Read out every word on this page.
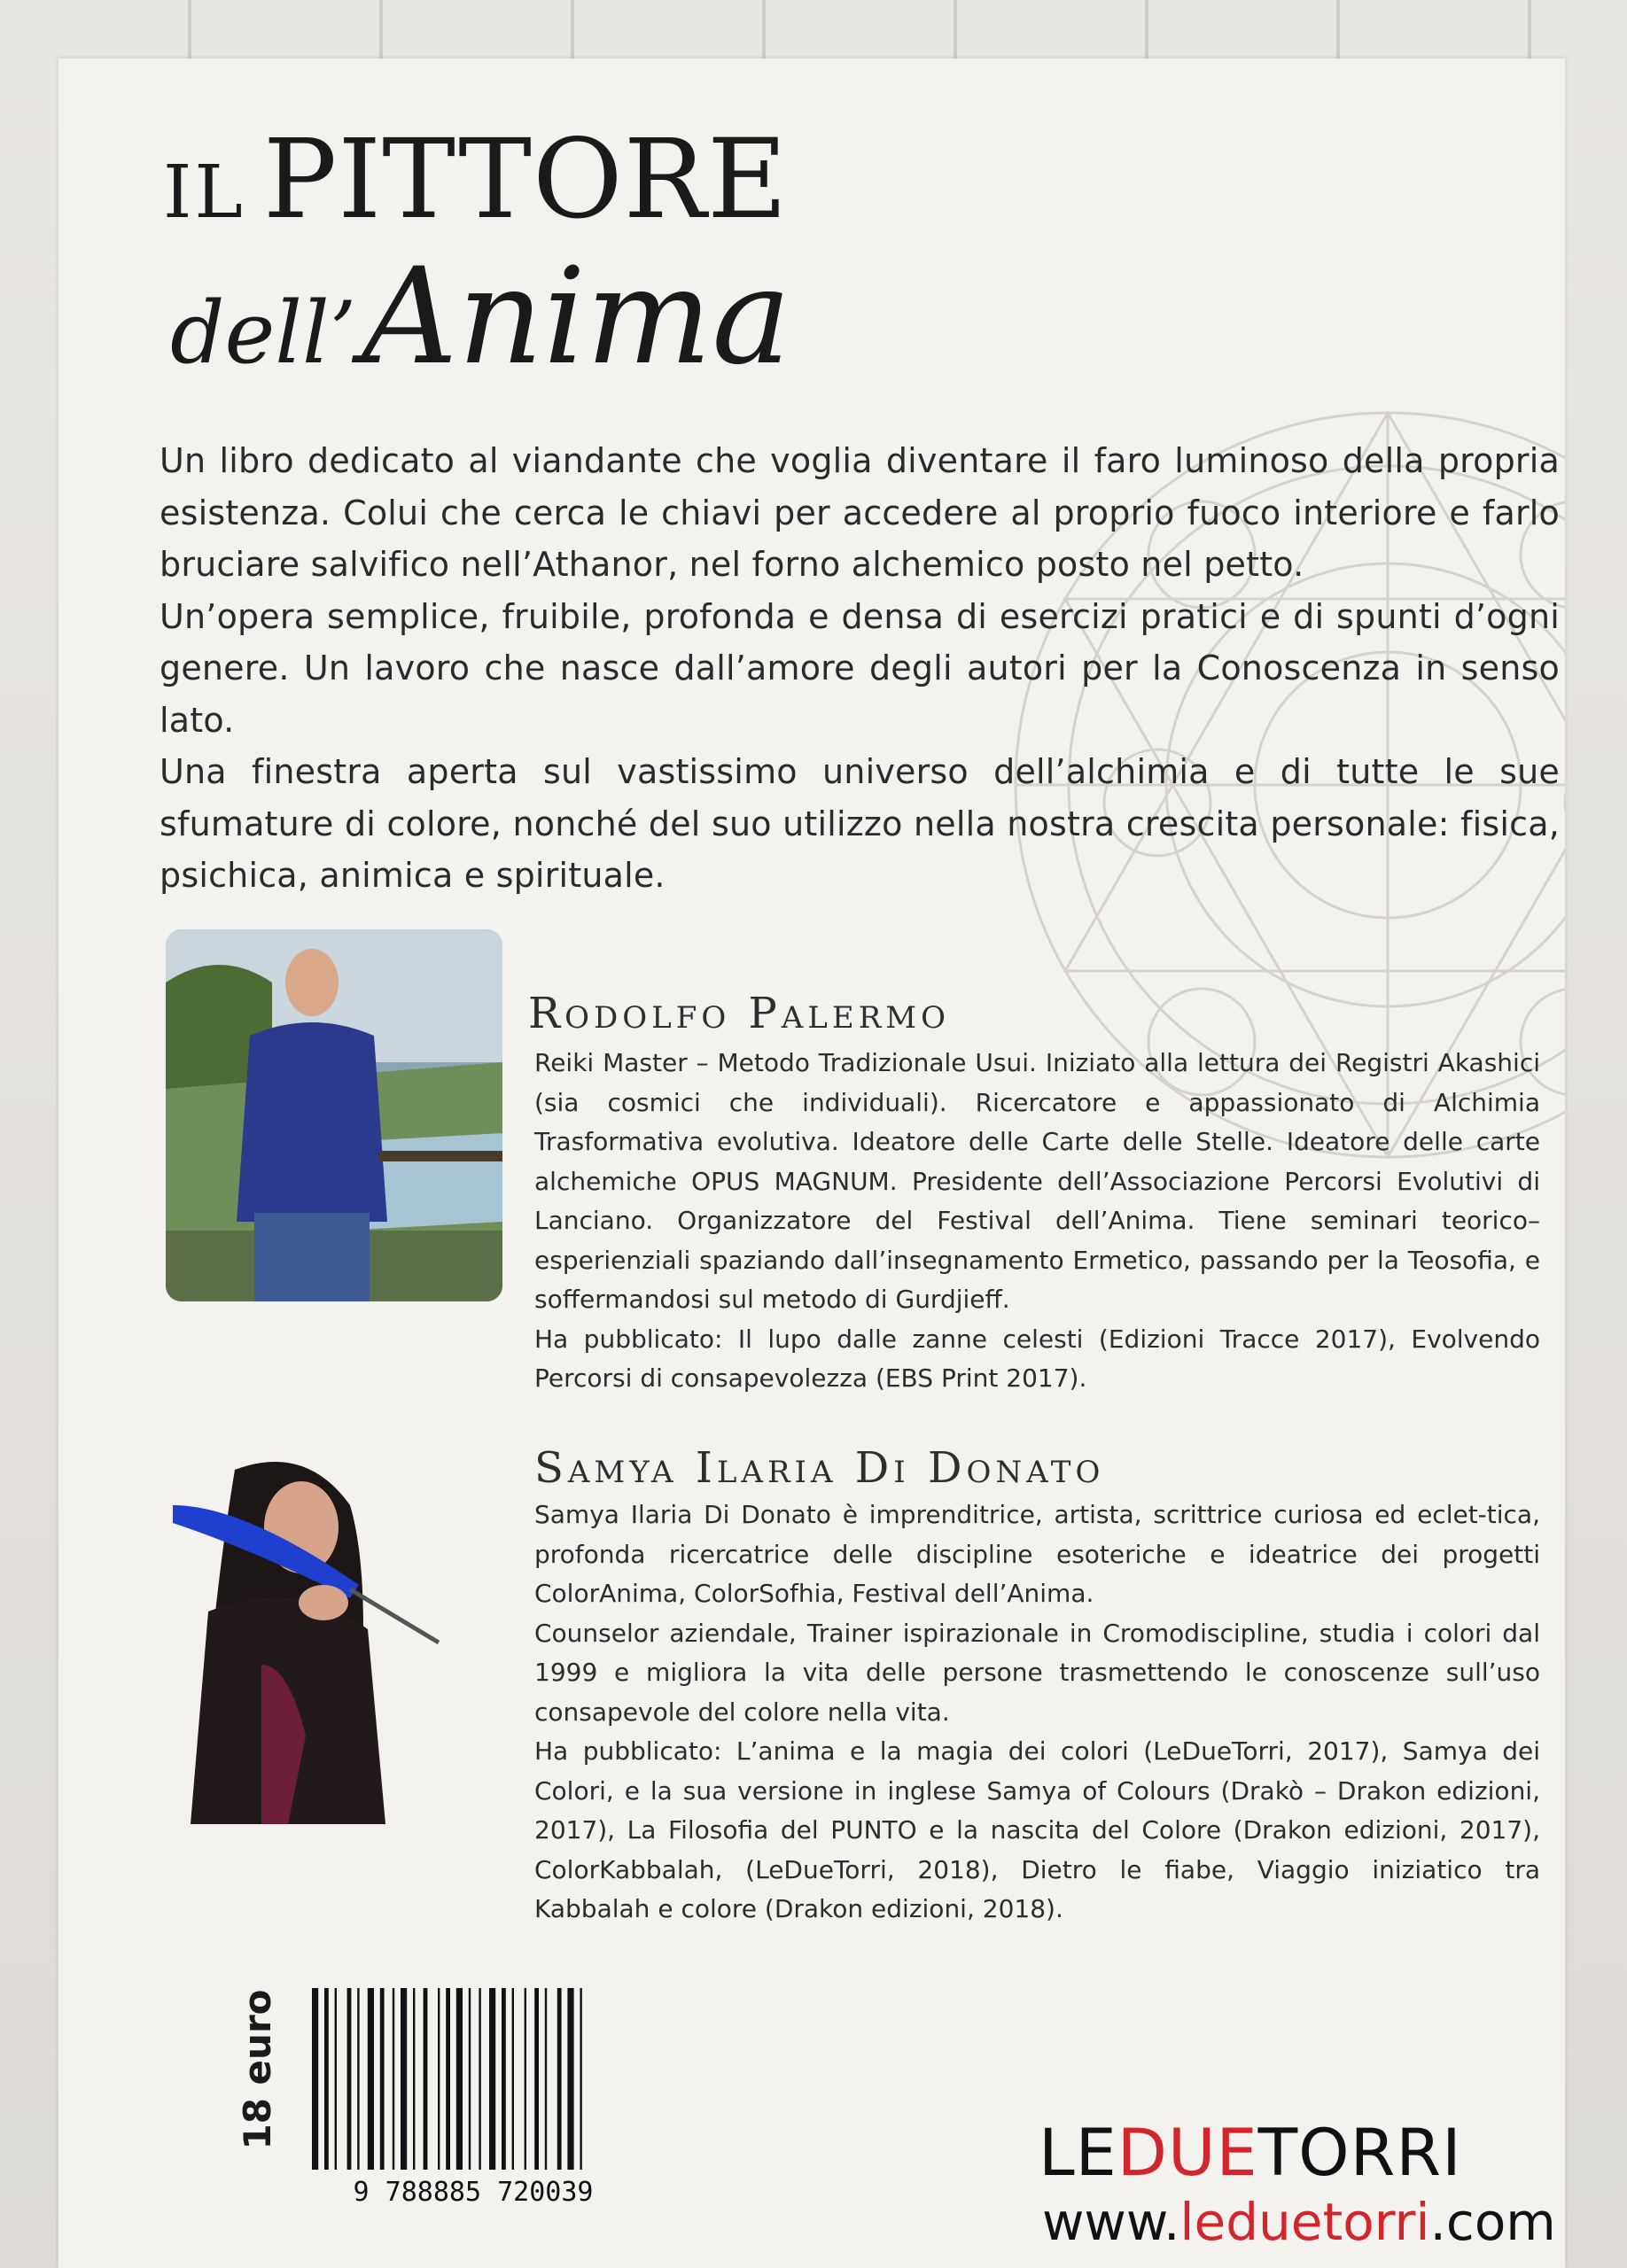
IL PITTORE
dell’Anima

Un libro dedicato al viandante che voglia diventare il faro luminoso della propria esistenza. Colui che cerca le chiavi per accedere al proprio fuoco interiore e farlo bruciare salvifico nell’Athanor, nel forno alchemico posto nel petto.

Un’opera semplice, fruibile, profonda e densa di esercizi pratici e di spunti d’ogni genere. Un lavoro che nasce dall’amore degli autori per la Conoscenza in senso lato.

Una finestra aperta sul vastissimo universo dell’alchimia e di tutte le sue sfumature di colore, nonché del suo utilizzo nella nostra crescita personale: fisica, psichica, animica e spirituale.

Rodolfo Palermo

Reiki Master – Metodo Tradizionale Usui. Iniziato alla lettura dei Registri Akashici (sia cosmici che individuali). Ricercatore e appassionato di Alchimia Trasformativa evolutiva. Ideatore delle Carte delle Stelle. Ideatore delle carte alchemiche OPUS MAGNUM. Presidente dell’Associazione Percorsi Evolutivi di Lanciano. Organizzatore del Festival dell’Anima. Tiene seminari teorico–esperienziali spaziando dall’insegnamento Ermetico, passando per la Teosofia, e soffermandosi sul metodo di Gurdjieff.

Ha pubblicato: Il lupo dalle zanne celesti (Edizioni Tracce 2017), Evolvendo Percorsi di consapevolezza (EBS Print 2017).

Samya Ilaria Di Donato

Samya Ilaria Di Donato è imprenditrice, artista, scrittrice curiosa ed eclet-tica, profonda ricercatrice delle discipline esoteriche e ideatrice dei progetti ColorAnima, ColorSofhia, Festival dell’Anima.

Counselor aziendale, Trainer ispirazionale in Cromodiscipline, studia i colori dal 1999 e migliora la vita delle persone trasmettendo le conoscenze sull’uso consapevole del colore nella vita.

Ha pubblicato: L’anima e la magia dei colori (LeDueTorri, 2017), Samya dei Colori, e la sua versione in inglese Samya of Colours (Drakò – Drakon edizioni, 2017), La Filosofia del PUNTO e la nascita del Colore (Drakon edizioni, 2017), ColorKabbalah, (LeDueTorri, 2018), Dietro le fiabe, Viaggio iniziatico tra Kabbalah e colore (Drakon edizioni, 2018).

18 euro
9 788885 720039
LEDUETORRI
www.leduetorri.com
